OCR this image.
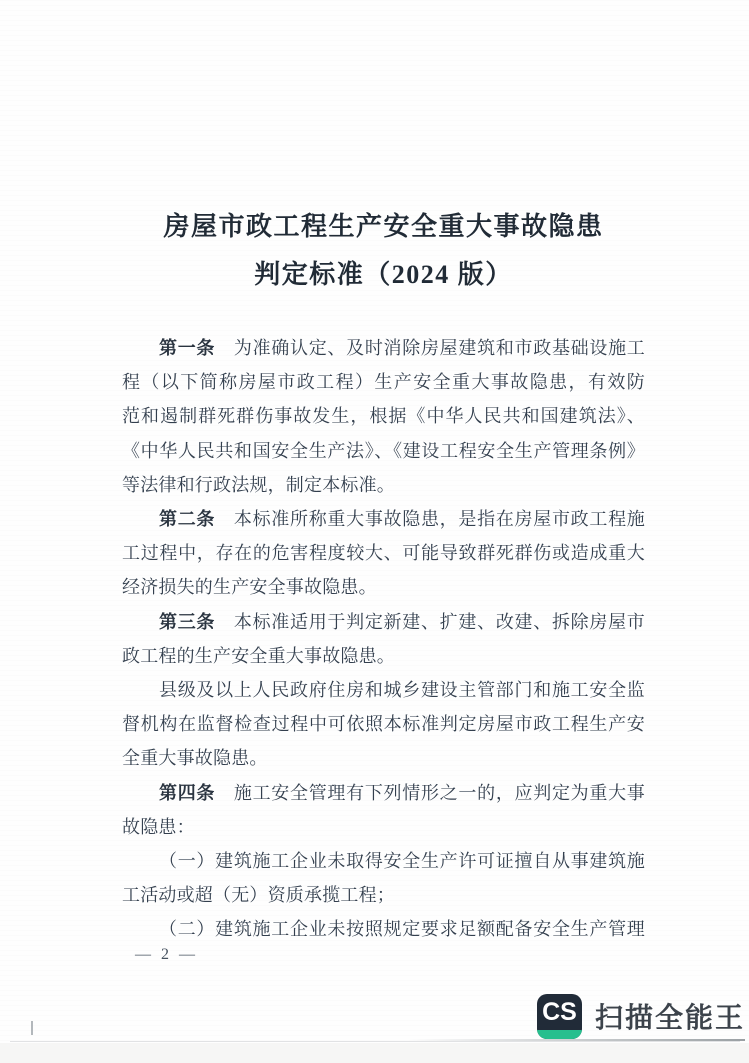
房屋市政工程生产安全重大事故隐患
判定标准（2024 版）
第一条　 为准确认定、及时消除房屋建筑和市政基础设施工
程（以下简称房屋市政工程）生产安全重大事故隐患，有效防
范和遏制群死群伤事故发生，根据《中华人民共和国建筑法》、
《中华人民共和国安全生产法》、《建设工程安全生产管理条例》
等法律和行政法规，制定本标准。
第二条　 本标准所称重大事故隐患，是指在房屋市政工程施
工过程中，存在的危害程度较大、可能导致群死群伤或造成重大
经济损失的生产安全事故隐患。
第三条　 本标准适用于判定新建、扩建、改建、拆除房屋市
政工程的生产安全重大事故隐患。
县级及以上人民政府住房和城乡建设主管部门和施工安全监
督机构在监督检查过程中可依照本标准判定房屋市政工程生产安
全重大事故隐患。
第四条　 施工安全管理有下列情形之一的，应判定为重大事
故隐患：
（一）建筑施工企业未取得安全生产许可证擅自从事建筑施
工活动或超（无）资质承揽工程；
（二）建筑施工企业未按照规定要求足额配备安全生产管理
— 2 —
CS 扫描全能王
